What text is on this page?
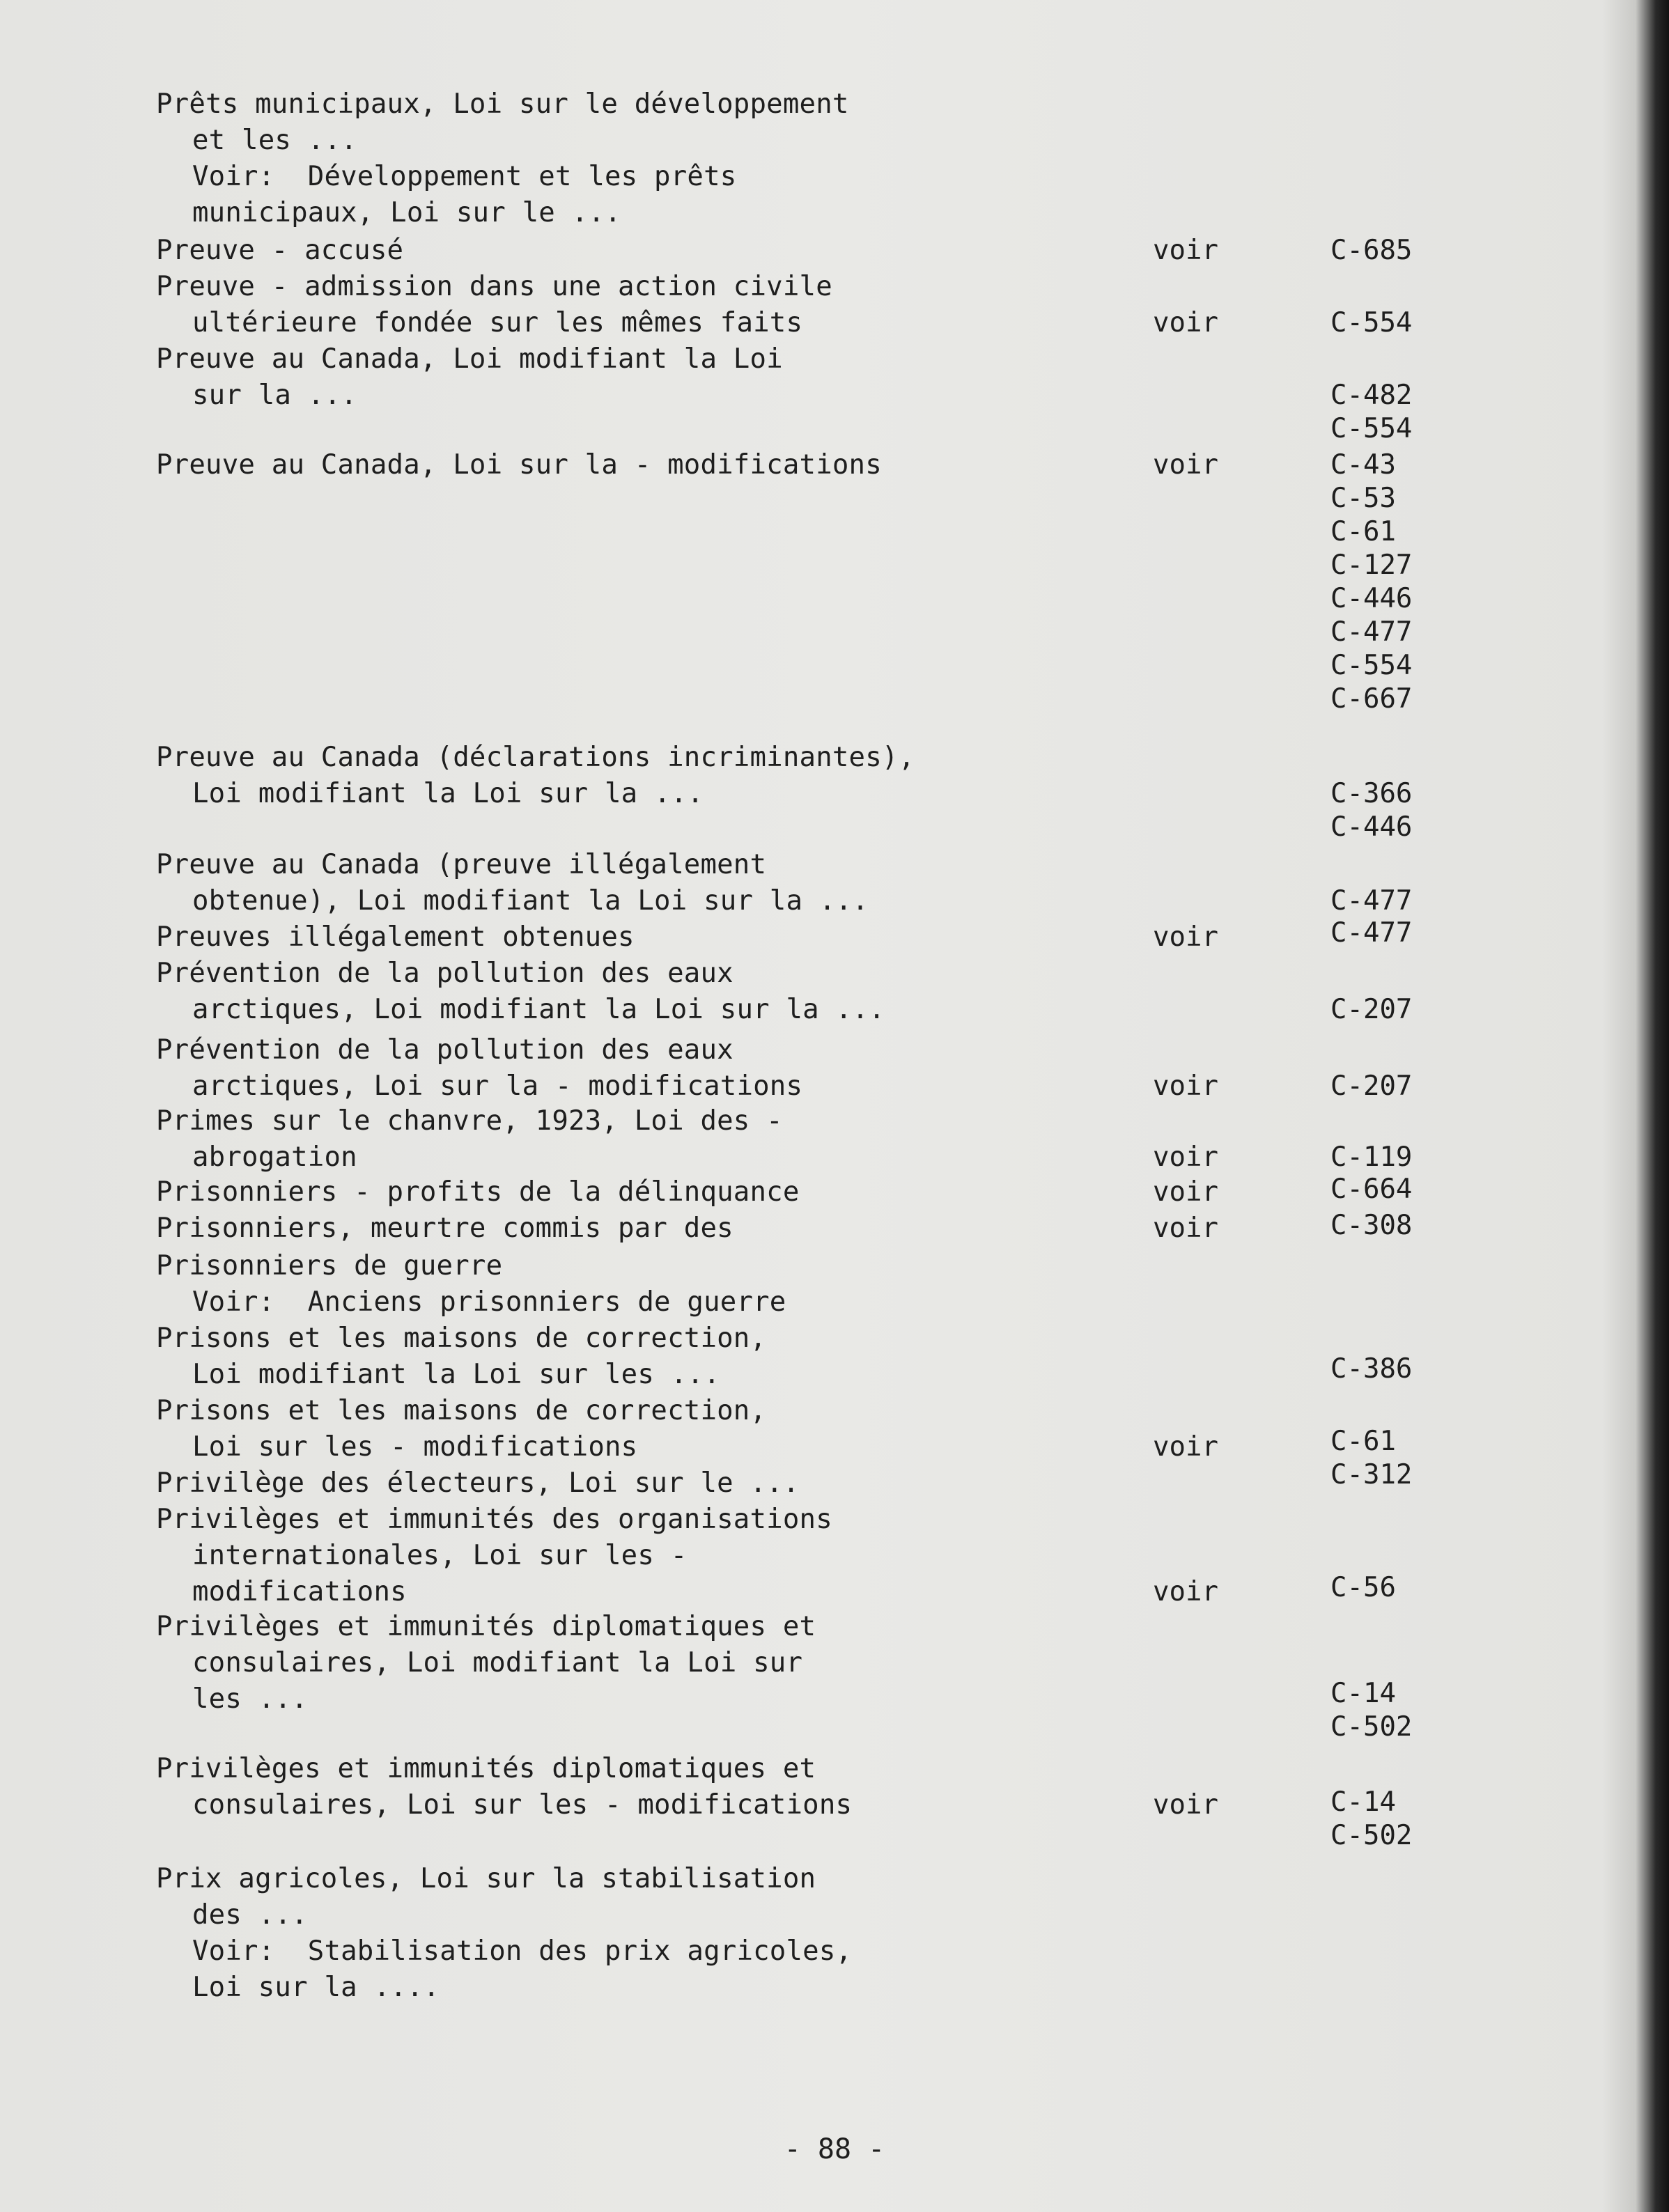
Prêts municipaux, Loi sur le développement
et les ...
Voir:  Développement et les prêts
municipaux, Loi sur le ...
Preuve - accusé	voir	C-685
Preuve - admission dans une action civile
ultérieure fondée sur les mêmes faits	voir	C-554
Preuve au Canada, Loi modifiant la Loi
sur la ...	C-482
C-554
Preuve au Canada, Loi sur la - modifications	voir	C-43
C-53
C-61
C-127
C-446
C-477
C-554
C-667
Preuve au Canada (déclarations incriminantes),
Loi modifiant la Loi sur la ...	C-366
C-446
Preuve au Canada (preuve illégalement
obtenue), Loi modifiant la Loi sur la ...	C-477
Preuves illégalement obtenues	voir	C-477
Prévention de la pollution des eaux
arctiques, Loi modifiant la Loi sur la ...	C-207
Prévention de la pollution des eaux
arctiques, Loi sur la - modifications	voir	C-207
Primes sur le chanvre, 1923, Loi des -
abrogation	voir	C-119
Prisonniers - profits de la délinquance	voir	C-664
Prisonniers, meurtre commis par des	voir	C-308
Prisonniers de guerre
Voir:  Anciens prisonniers de guerre
Prisons et les maisons de correction,
Loi modifiant la Loi sur les ...	C-386
Prisons et les maisons de correction,
Loi sur les - modifications	voir	C-61
Privilège des électeurs, Loi sur le ...	C-312
Privilèges et immunités des organisations
internationales, Loi sur les -
modifications	voir	C-56
Privilèges et immunités diplomatiques et
consulaires, Loi modifiant la Loi sur
les ...	C-14
C-502
Privilèges et immunités diplomatiques et
consulaires, Loi sur les - modifications	voir	C-14
C-502
Prix agricoles, Loi sur la stabilisation
des ...
Voir:  Stabilisation des prix agricoles,
Loi sur la ....
- 88 -
